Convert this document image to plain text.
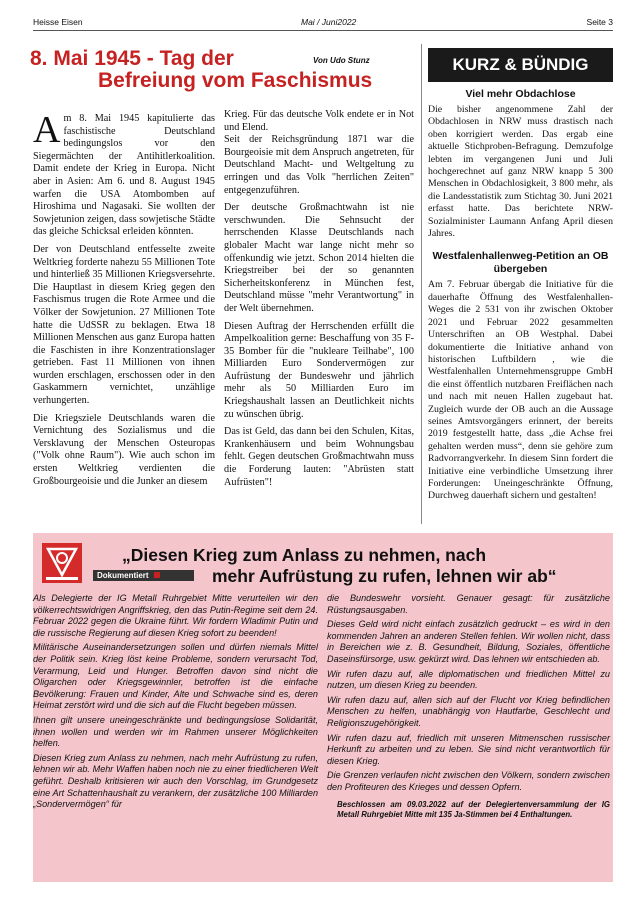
Heisse Eisen	Mai / Juni2022	Seite 3
8. Mai 1945 - Tag der
Befreiung vom Faschismus
Von Udo Stunz

Am 8. Mai 1945 kapitulierte das faschistische Deutschland bedingungslos vor den Siegermächten der Antihitlerkoalition. Damit endete der Krieg in Europa. Nicht aber in Asien: Am 6. und 8. August 1945 warfen die USA Atombomben auf Hiroshima und Nagasaki. Sie wollten der Sowjetunion zeigen, dass sowjetische Städte das gleiche Schicksal erleiden könnten.

Der von Deutschland entfesselte zweite Weltkrieg forderte nahezu 55 Millionen Tote und hinterließ 35 Millionen Kriegsversehrte. Die Hauptlast in diesem Krieg gegen den Faschismus trugen die Rote Armee und die Völker der Sowjetunion. 27 Millionen Tote hatte die UdSSR zu beklagen. Etwa 18 Millionen Menschen aus ganz Europa hatten die Faschisten in ihre Konzentrationslager getrieben. Fast 11 Millionen von ihnen wurden erschlagen, erschossen oder in den Gaskammern vernichtet, unzählige verhungerten.

Die Kriegsziele Deutschlands waren die Vernichtung des Sozialismus und die Versklavung der Menschen Osteuropas ("Volk ohne Raum"). Wie auch schon im ersten Weltkrieg verdienten die Großbourgeoisie und die Junker an diesem

Krieg. Für das deutsche Volk endete er in Not und Elend.

Seit der Reichsgründung 1871 war die Bourgeoisie mit dem Anspruch angetreten, für Deutschland Macht- und Weltgeltung zu erringen und das Volk "herrlichen Zeiten" entgegenzuführen.

Der deutsche Großmachtwahn ist nie verschwunden. Die Sehnsucht der herrschenden Klasse Deutschlands nach globaler Macht war lange nicht mehr so offenkundig wie jetzt. Schon 2014 hielten die Kriegstreiber bei der so genannten Sicherheitskonferenz in München fest, Deutschland müsse "mehr Verantwortung" in der Welt übernehmen.

Diesen Auftrag der Herrschenden erfüllt die Ampelkoalition gerne: Beschaffung von 35 F-35 Bomber für die "nukleare Teilhabe", 100 Milliarden Euro Sondervermögen zur Aufrüstung der Bundeswehr und jährlich mehr als 50 Milliarden Euro im Kriegshaushalt lassen an Deutlichkeit nichts zu wünschen übrig.

Das ist Geld, das dann bei den Schulen, Kitas, Krankenhäusern und beim Wohnungsbau fehlt. Gegen deutschen Großmachtwahn muss die Forderung lauten: "Abrüsten statt Aufrüsten"!

KURZ & BÜNDIG
Viel mehr Obdachlose
Die bisher angenommene Zahl der Obdachlosen in NRW muss drastisch nach oben korrigiert werden. Das ergab eine aktuelle Stichproben-Befragung. Demzufolge lebten im vergangenen Juni und Juli hochgerechnet auf ganz NRW knapp 5 300 Menschen in Obdachlosigkeit, 3 800 mehr, als die Landesstatistik zum Stichtag 30. Juni 2021 erfasst hatte. Das berichtete NRW-Sozialminister Laumann Anfang April diesen Jahres.
Westfalenhallenweg-Petition an OB übergeben
Am 7. Februar übergab die Initiative für die dauerhafte Öffnung des Westfalenhallen-Weges die 2 531 von ihr zwischen Oktober 2021 und Februar 2022 gesammelten Unterschriften an OB Westphal. Dabei dokumentierte die Initiative anhand von historischen Luftbildern , wie die Westfalenhallen Unternehmensgruppe GmbH die einst öffentlich nutzbaren Freiflächen nach und nach mit neuen Hallen zugebaut hat. Zugleich wurde der OB auch an die Aussage seines Amtsvorgängers erinnert, der bereits 2019 festgestellt hatte, dass „die Achse frei gehalten werden muss“, denn sie gehöre zum Radvorrangverkehr. In diesem Sinn fordert die Initiative eine verbindliche Umsetzung ihrer Forderungen: Uneingeschränkte Öffnung, Durchweg dauerhaft sichern und gestalten!
„Diesen Krieg zum Anlass zu nehmen, nach
mehr Aufrüstung zu rufen, lehnen wir ab“
Dokumentiert

Als Delegierte der IG Metall Ruhrgebiet Mitte verurteilen wir den völkerrechtswidrigen Angriffskrieg, den das Putin-Regime seit dem 24. Februar 2022 gegen die Ukraine führt. Wir fordern Wladimir Putin und die russische Regierung auf diesen Krieg sofort zu beenden!

Militärische Auseinandersetzungen sollen und dürfen niemals Mittel der Politik sein. Krieg löst keine Probleme, sondern verursacht Tod, Verarmung, Leid und Hunger. Betroffen davon sind nicht die Oligarchen oder Kriegsgewinnler, betroffen ist die einfache Bevölkerung: Frauen und Kinder, Alte und Schwache sind es, deren Heimat zerstört wird und die sich auf die Flucht begeben müssen.

Ihnen gilt unsere uneingeschränkte und bedingungslose Solidarität, ihnen wollen und werden wir im Rahmen unserer Möglichkeiten helfen.

Diesen Krieg zum Anlass zu nehmen, nach mehr Aufrüstung zu rufen, lehnen wir ab. Mehr Waffen haben noch nie zu einer friedlicheren Welt geführt. Deshalb kritisieren wir auch den Vorschlag, im Grundgesetz eine Art Schattenhaushalt zu verankern, der zusätzliche 100 Milliarden „Sondervermögen“ für

die Bundeswehr vorsieht. Genauer gesagt: für zusätzliche Rüstungsausgaben.

Dieses Geld wird nicht einfach zusätzlich gedruckt – es wird in den kommenden Jahren an anderen Stellen fehlen. Wir wollen nicht, dass in Bereichen wie z. B. Gesundheit, Bildung, Soziales, öffentliche Daseinsfürsorge, usw. gekürzt wird. Das lehnen wir entschieden ab.

Wir rufen dazu auf, alle diplomatischen und friedlichen Mittel zu nutzen, um diesen Krieg zu beenden.

Wir rufen dazu auf, allen sich auf der Flucht vor Krieg befindlichen Menschen zu helfen, unabhängig von Hautfarbe, Geschlecht und Religionszugehörigkeit.

Wir rufen dazu auf, friedlich mit unseren Mitmenschen russischer Herkunft zu arbeiten und zu leben. Sie sind nicht verantwortlich für diesen Krieg.

Die Grenzen verlaufen nicht zwischen den Völkern, sondern zwischen den Profiteuren des Krieges und dessen Opfern.

Beschlossen am 09.03.2022 auf der Delegiertenversammlung der IG Metall Ruhrgebiet Mitte mit 135 Ja-Stimmen bei 4 Enthaltungen.
